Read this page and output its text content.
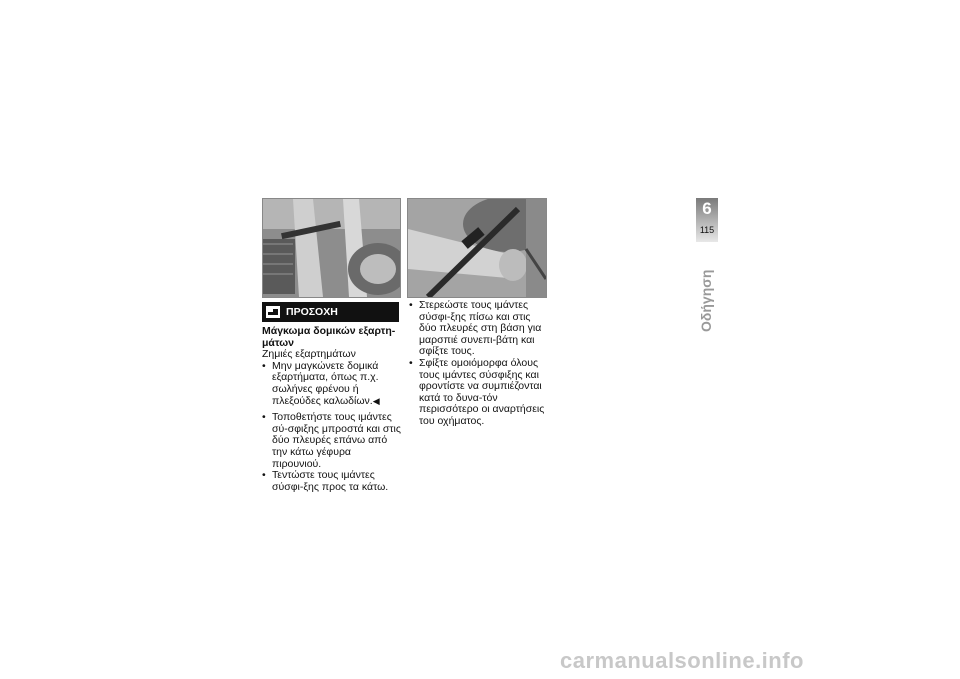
ΠΡΟΣΟΧΗ
Μάγκωμα δομικών εξαρτη-μάτων
Ζημιές εξαρτημάτων
• Μην μαγκώνετε δομικά εξαρτήματα, όπως π.χ. σωλήνες φρένου ή πλεξούδες καλωδίων.◀
• Τοποθετήστε τους ιμάντες σύ-σφιξης μπροστά και στις δύο πλευρές επάνω από την κάτω γέφυρα πιρουνιού.
• Τεντώστε τους ιμάντες σύσφι-ξης προς τα κάτω.
• Στερεώστε τους ιμάντες σύσφι-ξης πίσω και στις δύο πλευρές στη βάση για μαρσπιέ συνεπι-βάτη και σφίξτε τους.
• Σφίξτε ομοιόμορφα όλους τους ιμάντες σύσφιξης και φροντίστε να συμπιέζονται κατά το δυνα-τόν περισσότερο οι αναρτήσεις του οχήματος.
6
115
Οδήγηση
carmanualsonline.info
